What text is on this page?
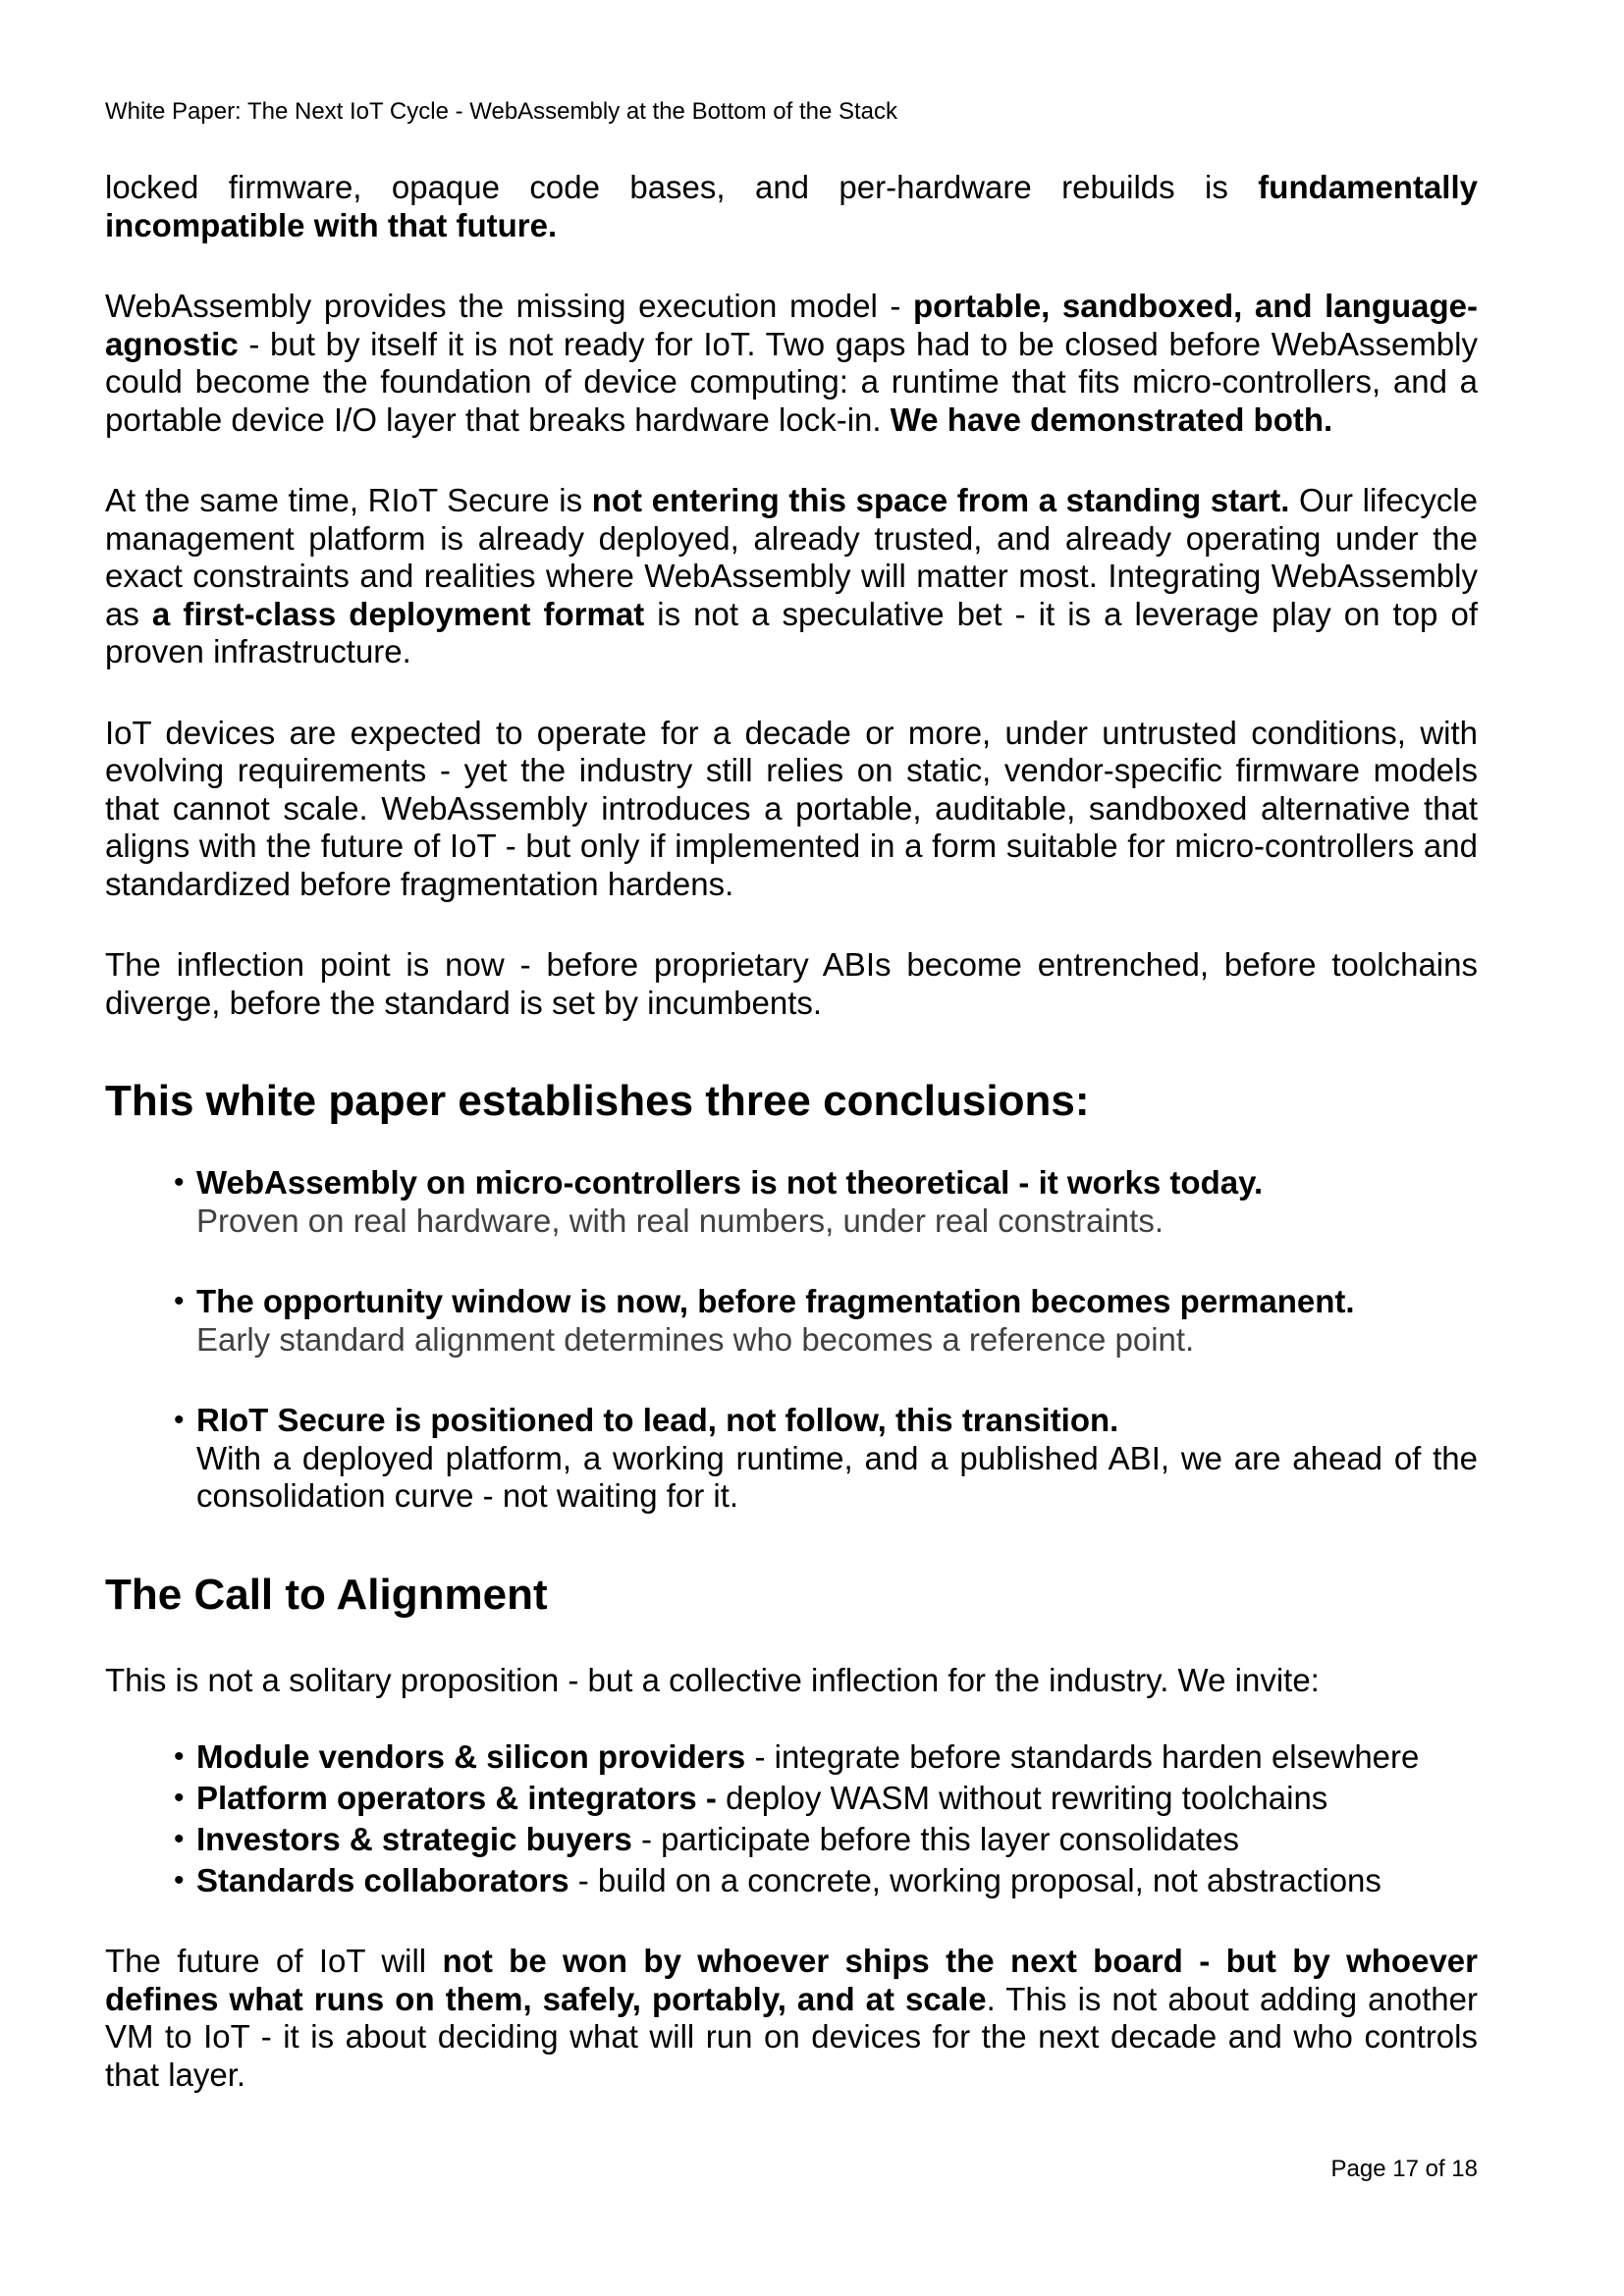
White Paper: The Next IoT Cycle - WebAssembly at the Bottom of the Stack

locked firmware, opaque code bases, and per-hardware rebuilds is fundamentally incompatible with that future.

WebAssembly provides the missing execution model - portable, sandboxed, and language-agnostic - but by itself it is not ready for IoT. Two gaps had to be closed before WebAssembly could become the foundation of device computing: a runtime that fits micro-controllers, and a portable device I/O layer that breaks hardware lock-in. We have demonstrated both.

At the same time, RIoT Secure is not entering this space from a standing start. Our lifecycle management platform is already deployed, already trusted, and already operating under the exact constraints and realities where WebAssembly will matter most. Integrating WebAssembly as a first-class deployment format is not a speculative bet - it is a leverage play on top of proven infrastructure.

IoT devices are expected to operate for a decade or more, under untrusted conditions, with evolving requirements - yet the industry still relies on static, vendor-specific firmware models that cannot scale. WebAssembly introduces a portable, auditable, sandboxed alternative that aligns with the future of IoT - but only if implemented in a form suitable for micro-controllers and standardized before fragmentation hardens.

The inflection point is now - before proprietary ABIs become entrenched, before toolchains diverge, before the standard is set by incumbents.

This white paper establishes three conclusions:
• WebAssembly on micro-controllers is not theoretical - it works today.
Proven on real hardware, with real numbers, under real constraints.
• The opportunity window is now, before fragmentation becomes permanent.
Early standard alignment determines who becomes a reference point.
• RIoT Secure is positioned to lead, not follow, this transition.
With a deployed platform, a working runtime, and a published ABI, we are ahead of the consolidation curve - not waiting for it.
The Call to Alignment

This is not a solitary proposition - but a collective inflection for the industry. We invite:

• Module vendors & silicon providers - integrate before standards harden elsewhere
• Platform operators & integrators - deploy WASM without rewriting toolchains
• Investors & strategic buyers - participate before this layer consolidates
• Standards collaborators - build on a concrete, working proposal, not abstractions

The future of IoT will not be won by whoever ships the next board - but by whoever defines what runs on them, safely, portably, and at scale. This is not about adding another VM to IoT - it is about deciding what will run on devices for the next decade and who controls that layer.

Page 17 of 18
